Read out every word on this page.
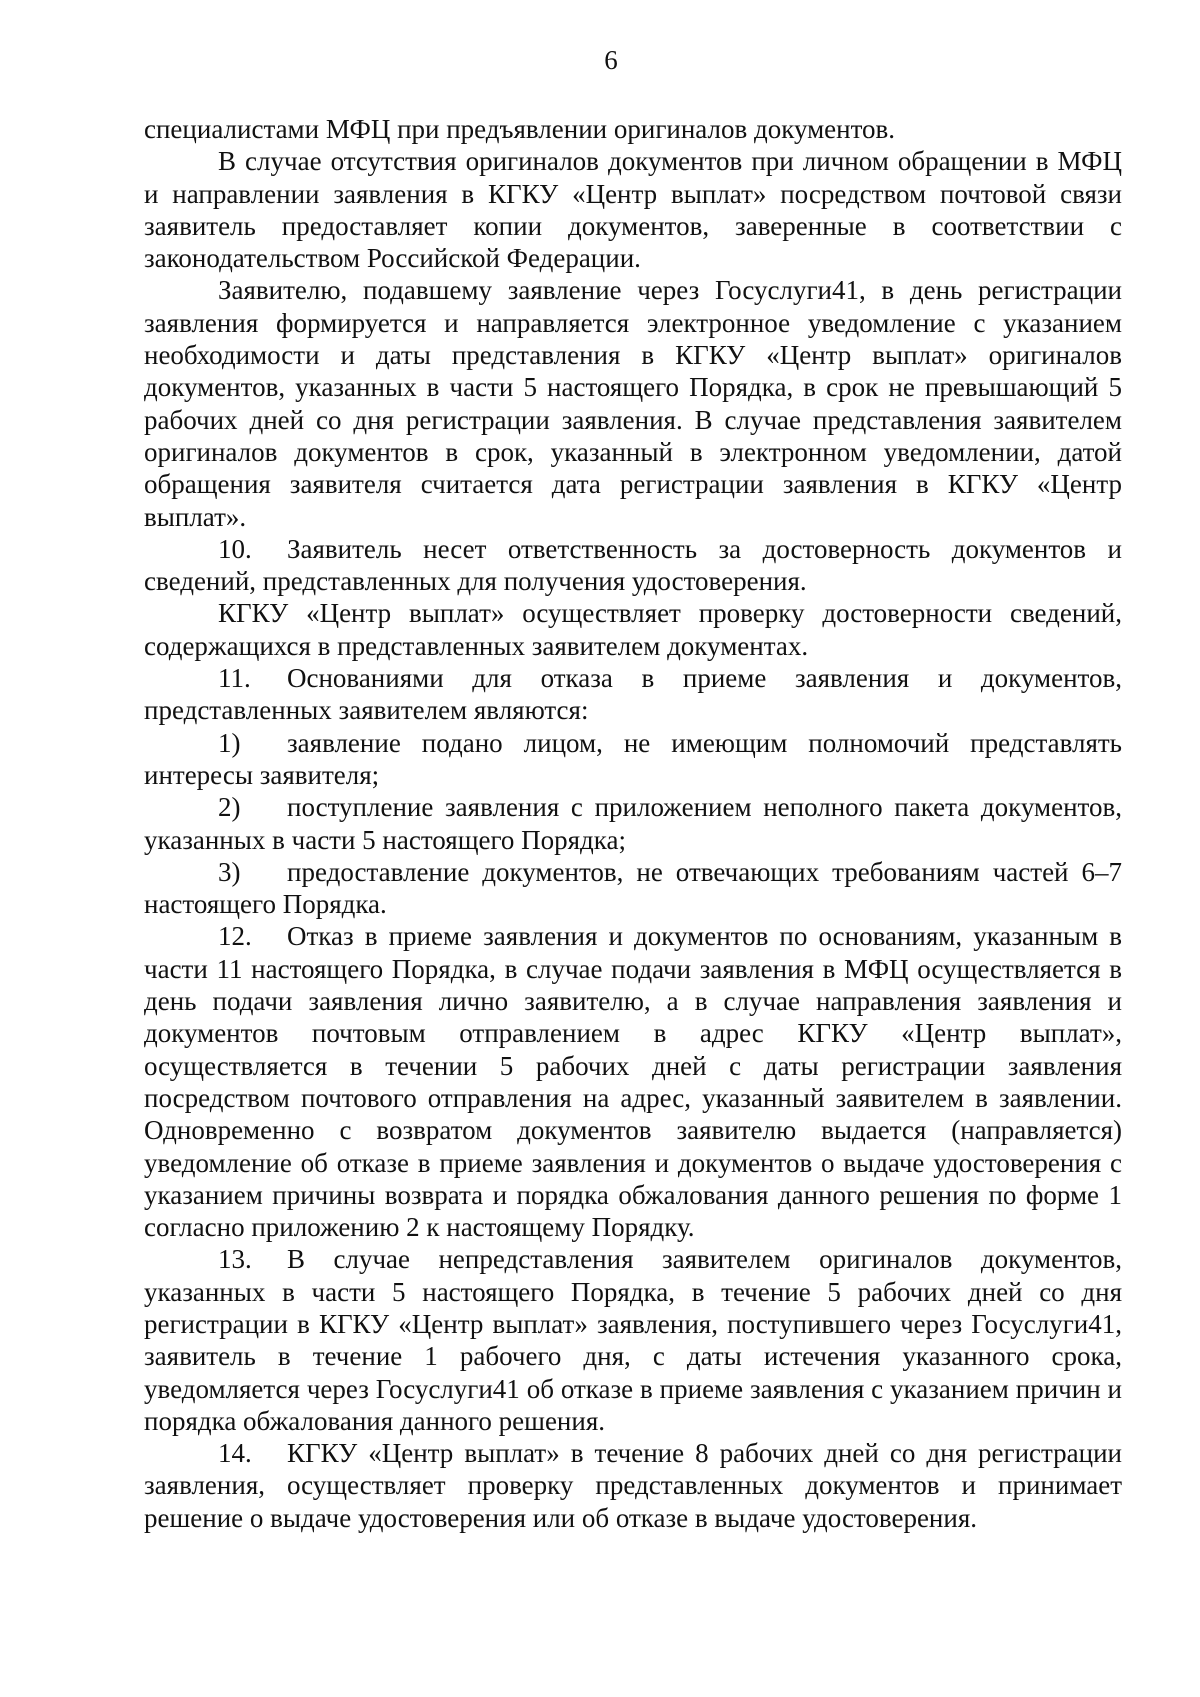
6

специалистами МФЦ при предъявлении оригиналов документов.

В случае отсутствия оригиналов документов при личном обращении в МФЦ и направлении заявления в КГКУ «Центр выплат» посредством почтовой связи заявитель предоставляет копии документов, заверенные в соответствии с законодательством Российской Федерации.

Заявителю, подавшему заявление через Госуслуги41, в день регистрации заявления формируется и направляется электронное уведомление с указанием необходимости и даты представления в КГКУ «Центр выплат» оригиналов документов, указанных в части 5 настоящего Порядка, в срок не превышающий 5 рабочих дней со дня регистрации заявления. В случае представления заявителем оригиналов документов в срок, указанный в электронном уведомлении, датой обращения заявителя считается дата регистрации заявления в КГКУ «Центр выплат».

10. Заявитель несет ответственность за достоверность документов и сведений, представленных для получения удостоверения.

КГКУ «Центр выплат» осуществляет проверку достоверности сведений, содержащихся в представленных заявителем документах.

11. Основаниями для отказа в приеме заявления и документов, представленных заявителем являются:

1) заявление подано лицом, не имеющим полномочий представлять интересы заявителя;

2) поступление заявления с приложением неполного пакета документов, указанных в части 5 настоящего Порядка;

3) предоставление документов, не отвечающих требованиям частей 6–7 настоящего Порядка.

12. Отказ в приеме заявления и документов по основаниям, указанным в части 11 настоящего Порядка, в случае подачи заявления в МФЦ осуществляется в день подачи заявления лично заявителю, а в случае направления заявления и документов почтовым отправлением в адрес КГКУ «Центр выплат», осуществляется в течении 5 рабочих дней с даты регистрации заявления посредством почтового отправления на адрес, указанный заявителем в заявлении. Одновременно с возвратом документов заявителю выдается (направляется) уведомление об отказе в приеме заявления и документов о выдаче удостоверения с указанием причины возврата и порядка обжалования данного решения по форме 1 согласно приложению 2 к настоящему Порядку.

13. В случае непредставления заявителем оригиналов документов, указанных в части 5 настоящего Порядка, в течение 5 рабочих дней со дня регистрации в КГКУ «Центр выплат» заявления, поступившего через Госуслуги41, заявитель в течение 1 рабочего дня, с даты истечения указанного срока, уведомляется через Госуслуги41 об отказе в приеме заявления с указанием причин и порядка обжалования данного решения.

14. КГКУ «Центр выплат» в течение 8 рабочих дней со дня регистрации заявления, осуществляет проверку представленных документов и принимает решение о выдаче удостоверения или об отказе в выдаче удостоверения.
